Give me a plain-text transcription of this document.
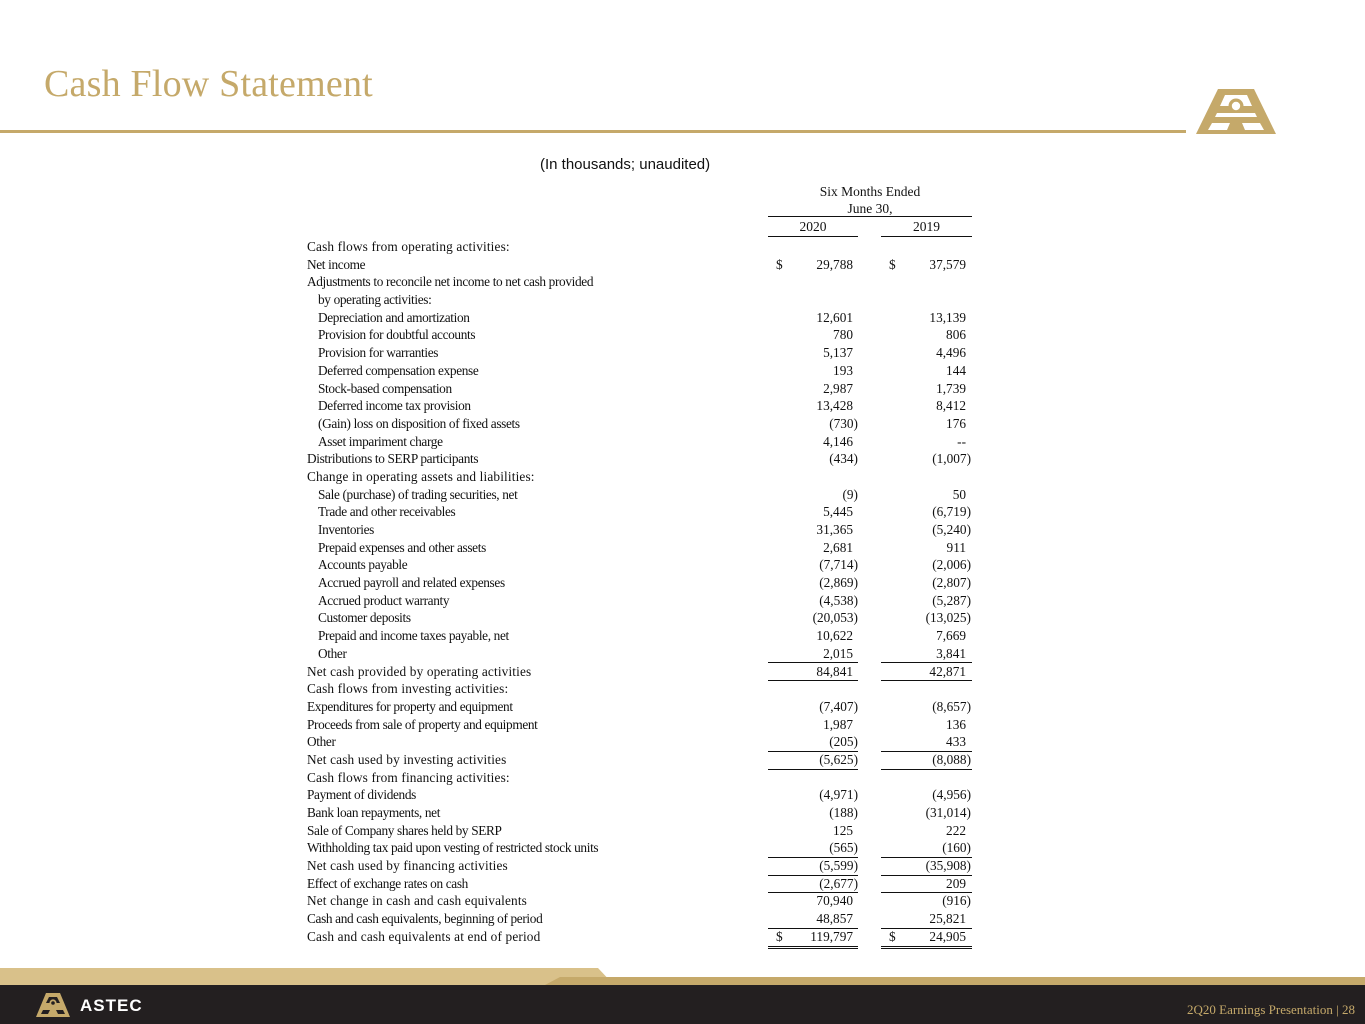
Cash Flow Statement
(In thousands; unaudited)
Six Months Ended
June 30,
2020	2019
Cash flows from operating activities:
Net income	$	29,788	$	37,579
Adjustments to reconcile net income to net cash provided
by operating activities:
Depreciation and amortization	12,601	13,139
Provision for doubtful accounts	780	806
Provision for warranties	5,137	4,496
Deferred compensation expense	193	144
Stock-based compensation	2,987	1,739
Deferred income tax provision	13,428	8,412
(Gain) loss on disposition of fixed assets	(730)	176
Asset impariment charge	4,146	--
Distributions to SERP participants	(434)	(1,007)
Change in operating assets and liabilities:
Sale (purchase) of trading securities, net	(9)	50
Trade and other receivables	5,445	(6,719)
Inventories	31,365	(5,240)
Prepaid expenses and other assets	2,681	911
Accounts payable	(7,714)	(2,006)
Accrued payroll and related expenses	(2,869)	(2,807)
Accrued product warranty	(4,538)	(5,287)
Customer deposits	(20,053)	(13,025)
Prepaid and income taxes payable, net	10,622	7,669
Other	2,015	3,841
Net cash provided by operating activities	84,841	42,871
Cash flows from investing activities:
Expenditures for property and equipment	(7,407)	(8,657)
Proceeds from sale of property and equipment	1,987	136
Other	(205)	433
Net cash used by investing activities	(5,625)	(8,088)
Cash flows from financing activities:
Payment of dividends	(4,971)	(4,956)
Bank loan repayments, net	(188)	(31,014)
Sale of Company shares held by SERP	125	222
Withholding tax paid upon vesting of restricted stock units	(565)	(160)
Net cash used by financing activities	(5,599)	(35,908)
Effect of exchange rates on cash	(2,677)	209
Net change in cash and cash equivalents	70,940	(916)
Cash and cash equivalents, beginning of period	48,857	25,821
Cash and cash equivalents at end of period	$ 119,797	$	24,905
ASTEC	2Q20 Earnings Presentation | 28
